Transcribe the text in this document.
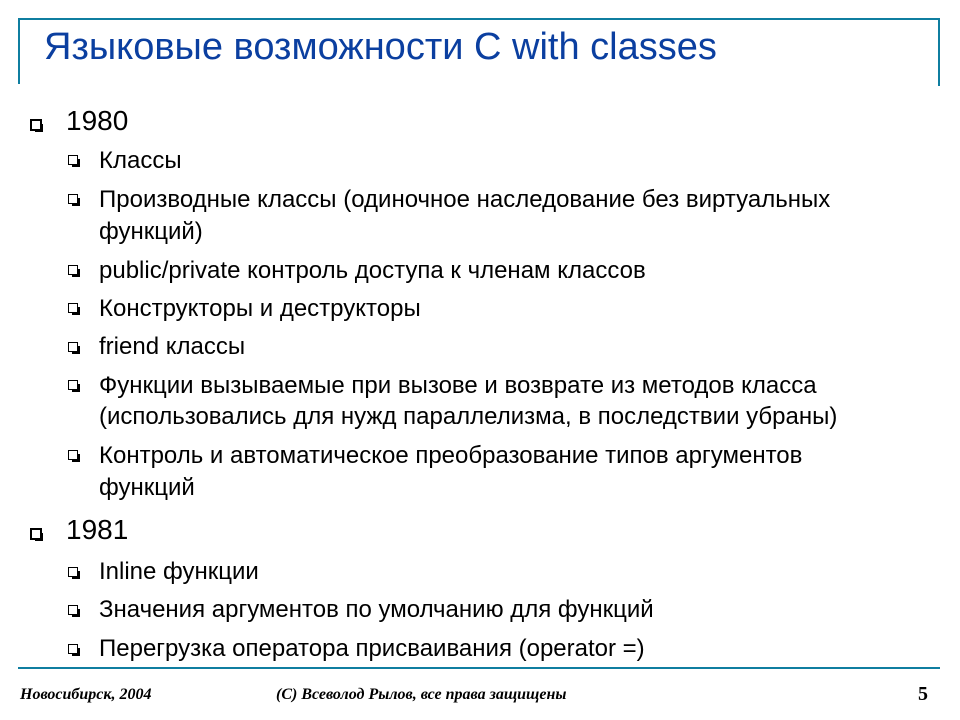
Языковые возможности C with classes
1980
Классы
Производные классы (одиночное наследование без виртуальных
функций)
public/private контроль доступа к членам классов
Конструкторы и деструкторы
friend классы
Функции вызываемые при вызове и возврате из методов класса
(использовались для нужд параллелизма, в последствии убраны)
Контроль и автоматическое преобразование типов аргументов
функций
1981
Inline функции
Значения аргументов по умолчанию для функций
Перегрузка оператора присваивания (operator =)
Новосибирск, 2004	(С) Всеволод Рылов, все права защищены	5
